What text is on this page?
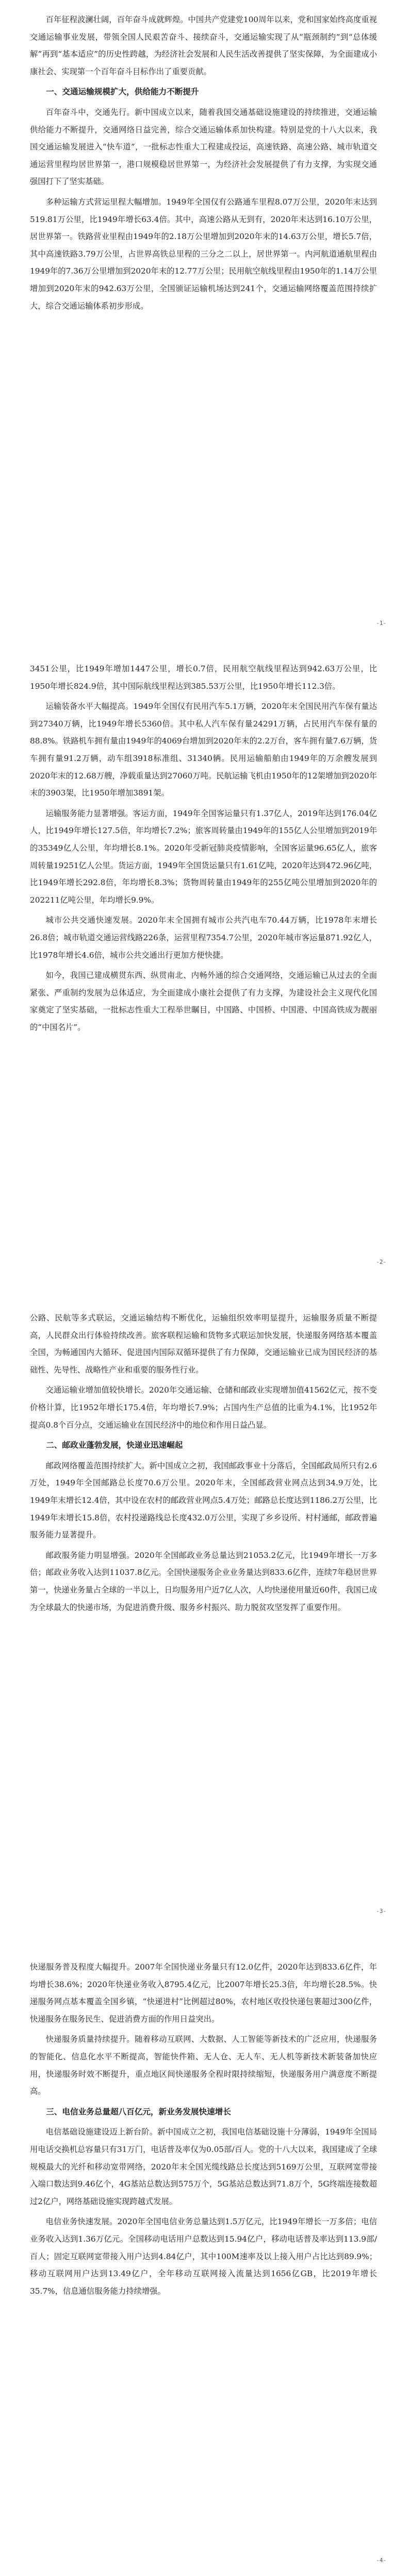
百年征程波澜壮阔，百年奋斗成就辉煌。中国共产党建党100周年以来，党和国家始终高度重视交通运输事业发展，带领全国人民艰苦奋斗、接续奋斗，交通运输实现了从“瓶颈制约”到“总体缓解”再到“基本适应”的历史性跨越，为经济社会发展和人民生活改善提供了坚实保障，为全面建成小康社会、实现第一个百年奋斗目标作出了重要贡献。

一、交通运输规模扩大，供给能力不断提升

百年奋斗中，交通先行。新中国成立以来，随着我国交通基础设施建设的持续推进，交通运输供给能力不断提升，交通网络日益完善，综合交通运输体系加快构建。特别是党的十八大以来，我国交通运输发展进入“快车道”，一批标志性重大工程建成投运，高速铁路、高速公路、城市轨道交通运营里程均居世界第一，港口规模稳居世界第一，为经济社会发展提供了有力支撑，为实现交通强国打下了坚实基础。

多种运输方式营运里程大幅增加。1949年全国仅有公路通车里程8.07万公里，2020年末达到519.81万公里，比1949年增长63.4倍。其中，高速公路从无到有，2020年末达到16.10万公里，居世界第一。铁路营业里程由1949年的2.18万公里增加到2020年末的14.63万公里，增长5.7倍，其中高速铁路3.79万公里，占世界高铁总里程的三分之二以上，居世界第一。内河航道通航里程由1949年的7.36万公里增加到2020年末的12.77万公里；民用航空航线里程由1950年的1.14万公里增加到2020年末的942.63万公里，全国颁证运输机场达到241个，交通运输网络覆盖范围持续扩大，综合交通运输体系初步形成。

-1-

3451公里，比1949年增加1447公里，增长0.7倍，民用航空航线里程达到942.63万公里，比1950年增长824.9倍，其中国际航线里程达到385.53万公里，比1950年增长112.3倍。

运输装备水平大幅提高。1949年全国仅有民用汽车5.1万辆，2020年末全国民用汽车保有量达到27340万辆，比1949年增长5360倍。其中私人汽车保有量24291万辆，占民用汽车保有量的88.8%。铁路机车拥有量由1949年的4069台增加到2020年末的2.2万台，客车拥有量7.6万辆，货车拥有量91.2万辆，动车组3918标准组、31340辆。民用运输船舶由1949年的万余艘发展到2020年末的12.68万艘，净载重量达到27060万吨。民航运输飞机由1950年的12架增加到2020年末的3903架，比1950年增加3891架。

运输服务能力显著增强。客运方面，1949年全国客运量只有1.37亿人，2019年达到176.04亿人，比1949年增长127.5倍，年均增长7.2%；旅客周转量由1949年的155亿人公里增加到2019年的35349亿人公里，年均增长8.1%。2020年受新冠肺炎疫情影响，全国客运量96.65亿人，旅客周转量19251亿人公里。货运方面，1949年全国货运量只有1.61亿吨，2020年达到472.96亿吨，比1949年增长292.8倍，年均增长8.3%；货物周转量由1949年的255亿吨公里增加到2020年的202211亿吨公里，年均增长9.9%。

城市公共交通快速发展。2020年末全国拥有城市公共汽电车70.44万辆，比1978年末增长26.8倍；城市轨道交通运营线路226条，运营里程7354.7公里，2020年城市客运量871.92亿人，比1978年增长4.6倍，城市公共交通出行更加方便快捷。

如今，我国已建成横贯东西、纵贯南北、内畅外通的综合交通网络，交通运输已从过去的全面紧张、严重制约发展为总体适应，为全面建成小康社会提供了有力支撑，为建设社会主义现代化国家奠定了坚实基础，一批标志性重大工程举世瞩目，中国路、中国桥、中国港、中国高铁成为靓丽的“中国名片”。

-2-

公路、民航等多式联运，交通运输结构不断优化，运输组织效率明显提升，运输服务质量不断提高，人民群众出行体验持续改善。旅客联程运输和货物多式联运加快发展，快递服务网络基本覆盖全国，为畅通国内大循环、促进国内国际双循环提供了有力保障，交通运输业已成为国民经济的基础性、先导性、战略性产业和重要的服务性行业。

交通运输业增加值较快增长。2020年交通运输、仓储和邮政业实现增加值41562亿元，按不变价格计算，比1952年增长175.4倍，年均增长7.9%；占国内生产总值的比重为4.1%，比1952年提高0.8个百分点，交通运输业在国民经济中的地位和作用日益凸显。

二、邮政业蓬勃发展，快递业迅速崛起

邮政网络覆盖范围持续扩大。新中国成立之初，我国邮政事业十分落后，全国邮政局所只有2.6万处，1949年全国邮路总长度70.6万公里。2020年末，全国邮政营业网点达到34.9万处，比1949年末增长12.4倍，其中设在农村的邮政营业网点5.4万处；邮路总长度达到1186.2万公里，比1949年末增长15.8倍，农村投递路线总长度432.0万公里，实现了乡乡设所、村村通邮，邮政普遍服务能力显著提升。

邮政服务能力明显增强。2020年全国邮政业务总量达到21053.2亿元，比1949年增长一万多倍；邮政业务收入达到11037.8亿元。全国快递服务企业业务量达到833.6亿件，连续7年稳居世界第一，快递业务量占全球的一半以上，日均服务用户近7亿人次，人均快递使用量近60件，我国已成为全球最大的快递市场，为促进消费升级、服务乡村振兴、助力脱贫攻坚发挥了重要作用。

-3-

快递服务普及程度大幅提升。2007年全国快递业务量只有12.0亿件，2020年达到833.6亿件，年均增长38.6%；2020年快递业务收入8795.4亿元，比2007年增长25.3倍，年均增长28.5%。快递服务网点基本覆盖全国乡镇，“快递进村”比例超过80%，农村地区收投快递包裹超过300亿件，快递服务在服务民生、促进消费方面的作用日益突出。

快递服务质量持续提升。随着移动互联网、大数据、人工智能等新技术的广泛应用，快递服务的智能化、信息化水平不断提高，智能快件箱、无人仓、无人车、无人机等新技术新装备加快应用，快递服务时效不断提升，重点地区间快递服务全程时限持续缩短，快递服务用户满意度不断提高。

三、电信业务总量超八百亿元，新业务发展快速增长

电信基础设施建设迈上新台阶。新中国成立之初，我国电信基础设施十分薄弱，1949年全国局用电话交换机总容量只有31万门，电话普及率仅为0.05部/百人。党的十八大以来，我国建成了全球规模最大的光纤和移动宽带网络，2020年末全国光缆线路总长度达到5169万公里，互联网宽带接入端口数达到9.46亿个，4G基站总数达到575万个，5G基站总数达到71.8万个，5G终端连接数超过2亿户，网络基础设施实现跨越式发展。

电信业务快速发展。2020年全国电信业务总量达到1.5万亿元，比1949年增长一万多倍；电信业务收入达到1.36万亿元。全国移动电话用户总数达到15.94亿户，移动电话普及率达到113.9部/百人；固定互联网宽带接入用户达到4.84亿户，其中100M速率及以上接入用户占比达到89.9%；移动互联网用户达到13.49亿户，全年移动互联网接入流量达到1656亿GB，比2019年增长35.7%，信息通信服务能力持续增强。

-4-
